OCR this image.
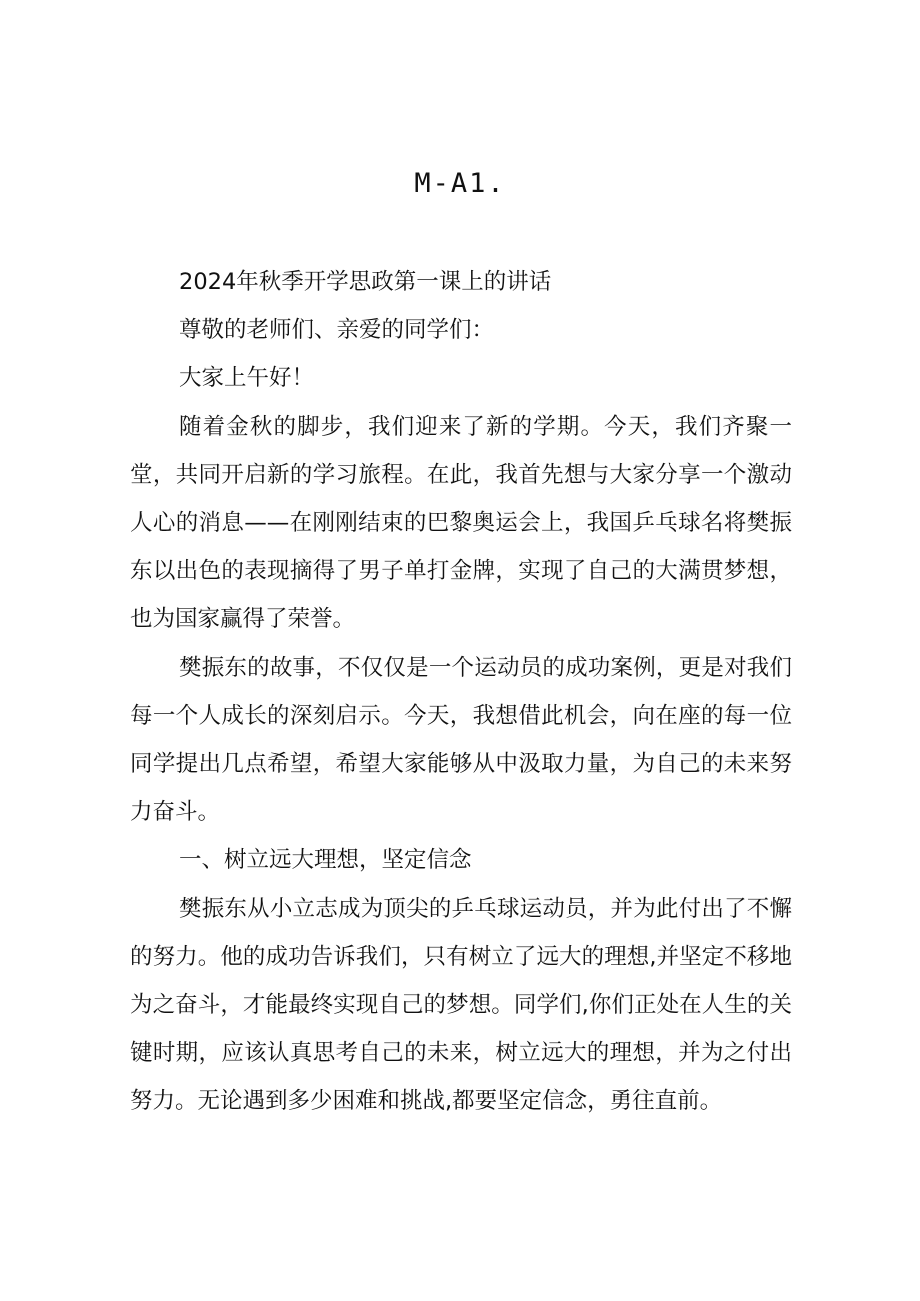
M-A1.

2024年秋季开学思政第一课上的讲话

尊敬的老师们、亲爱的同学们：

大家上午好！

随着金秋的脚步，我们迎来了新的学期。今天，我们齐聚一堂，共同开启新的学习旅程。在此，我首先想与大家分享一个激动人心的消息——在刚刚结束的巴黎奥运会上，我国乒乓球名将樊振东以出色的表现摘得了男子单打金牌，实现了自己的大满贯梦想，也为国家赢得了荣誉。

樊振东的故事，不仅仅是一个运动员的成功案例，更是对我们每一个人成长的深刻启示。今天，我想借此机会，向在座的每一位同学提出几点希望，希望大家能够从中汲取力量，为自己的未来努力奋斗。

一、树立远大理想，坚定信念

樊振东从小立志成为顶尖的乒乓球运动员，并为此付出了不懈的努力。他的成功告诉我们，只有树立了远大的理想,并坚定不移地为之奋斗，才能最终实现自己的梦想。同学们,你们正处在人生的关键时期，应该认真思考自己的未来，树立远大的理想，并为之付出努力。无论遇到多少困难和挑战,都要坚定信念，勇往直前。
